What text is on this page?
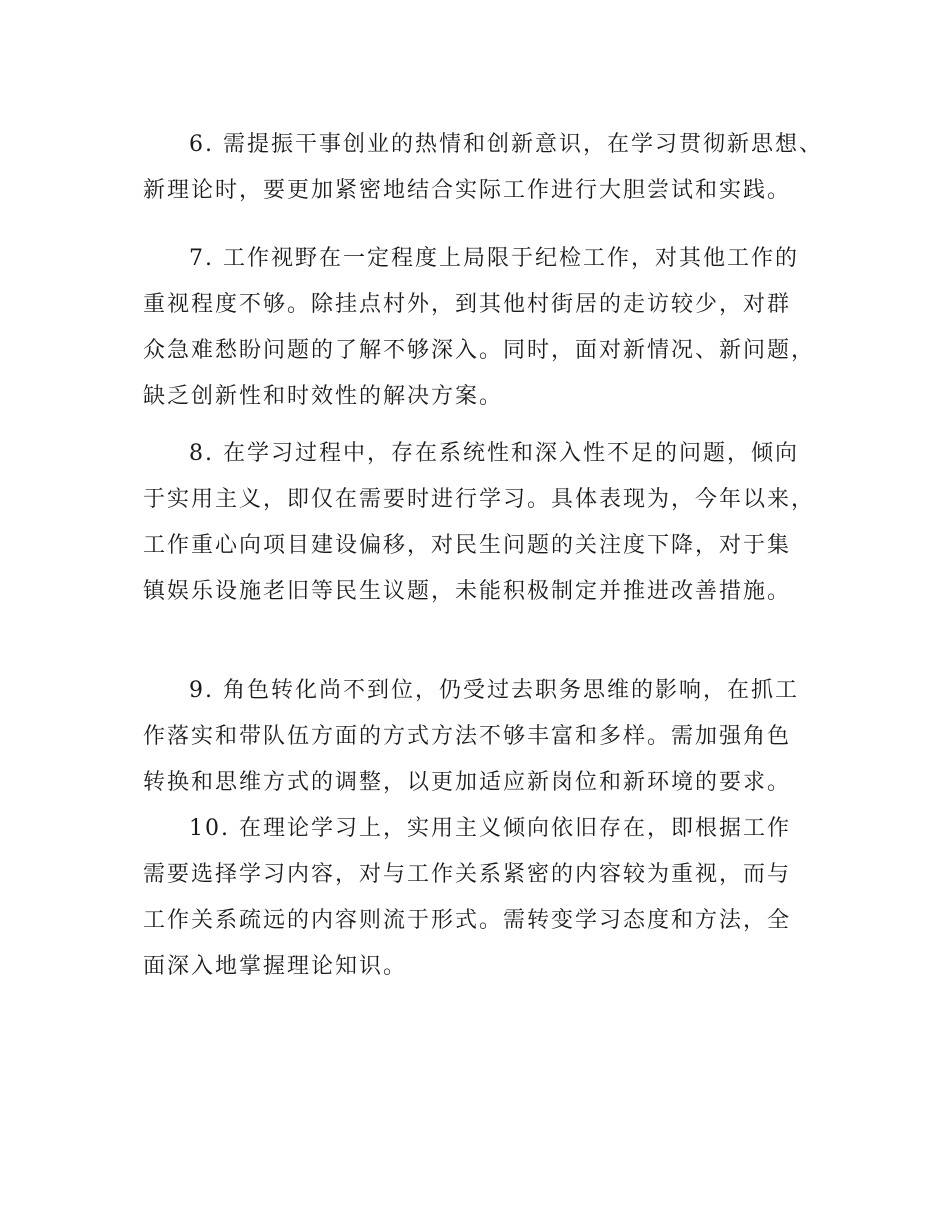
6. 需提振干事创业的热情和创新意识，在学习贯彻新思想、
新理论时，要更加紧密地结合实际工作进行大胆尝试和实践。
7. 工作视野在一定程度上局限于纪检工作，对其他工作的
重视程度不够。除挂点村外，到其他村街居的走访较少，对群
众急难愁盼问题的了解不够深入。同时，面对新情况、新问题，
缺乏创新性和时效性的解决方案。
8. 在学习过程中，存在系统性和深入性不足的问题，倾向
于实用主义，即仅在需要时进行学习。具体表现为，今年以来，
工作重心向项目建设偏移，对民生问题的关注度下降，对于集
镇娱乐设施老旧等民生议题，未能积极制定并推进改善措施。
9. 角色转化尚不到位，仍受过去职务思维的影响，在抓工
作落实和带队伍方面的方式方法不够丰富和多样。需加强角色
转换和思维方式的调整，以更加适应新岗位和新环境的要求。
10. 在理论学习上，实用主义倾向依旧存在，即根据工作
需要选择学习内容，对与工作关系紧密的内容较为重视，而与
工作关系疏远的内容则流于形式。需转变学习态度和方法，全
面深入地掌握理论知识。
